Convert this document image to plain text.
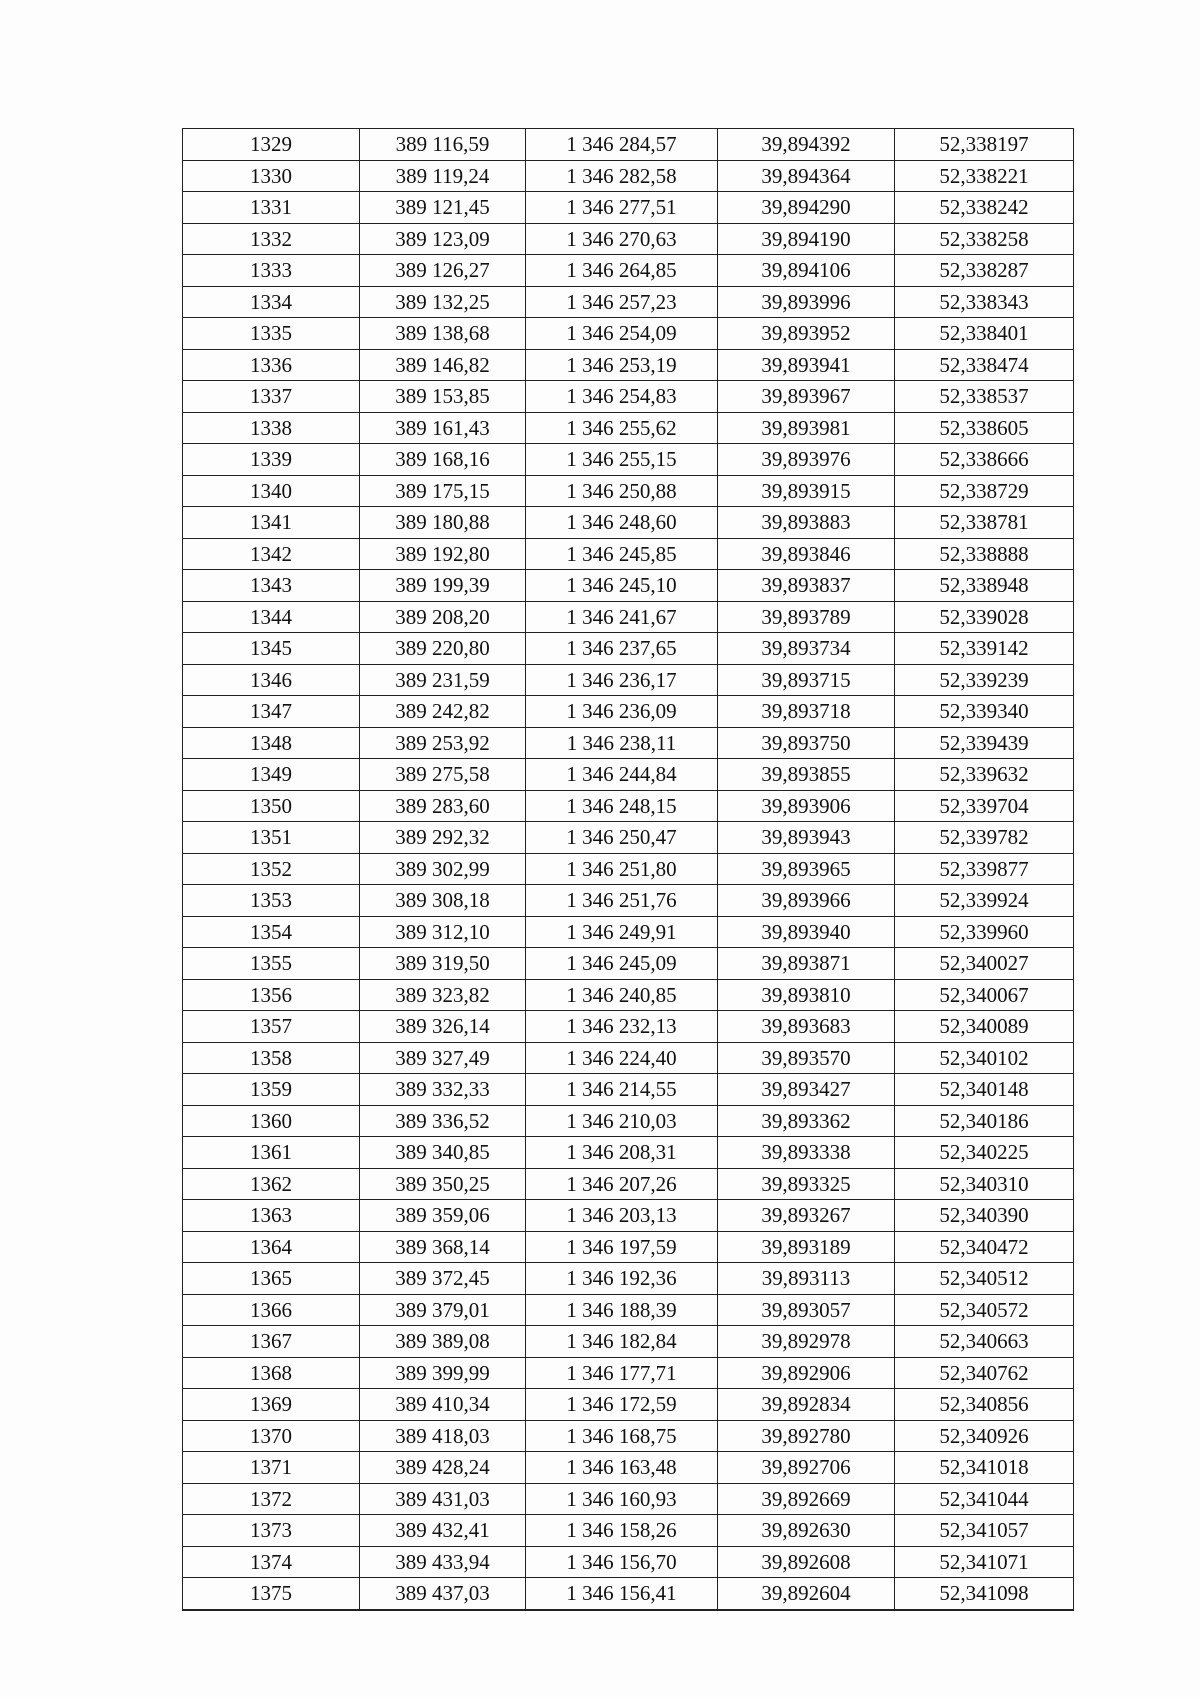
1329	389 116,59	1 346 284,57	39,894392	52,338197
1330	389 119,24	1 346 282,58	39,894364	52,338221
1331	389 121,45	1 346 277,51	39,894290	52,338242
1332	389 123,09	1 346 270,63	39,894190	52,338258
1333	389 126,27	1 346 264,85	39,894106	52,338287
1334	389 132,25	1 346 257,23	39,893996	52,338343
1335	389 138,68	1 346 254,09	39,893952	52,338401
1336	389 146,82	1 346 253,19	39,893941	52,338474
1337	389 153,85	1 346 254,83	39,893967	52,338537
1338	389 161,43	1 346 255,62	39,893981	52,338605
1339	389 168,16	1 346 255,15	39,893976	52,338666
1340	389 175,15	1 346 250,88	39,893915	52,338729
1341	389 180,88	1 346 248,60	39,893883	52,338781
1342	389 192,80	1 346 245,85	39,893846	52,338888
1343	389 199,39	1 346 245,10	39,893837	52,338948
1344	389 208,20	1 346 241,67	39,893789	52,339028
1345	389 220,80	1 346 237,65	39,893734	52,339142
1346	389 231,59	1 346 236,17	39,893715	52,339239
1347	389 242,82	1 346 236,09	39,893718	52,339340
1348	389 253,92	1 346 238,11	39,893750	52,339439
1349	389 275,58	1 346 244,84	39,893855	52,339632
1350	389 283,60	1 346 248,15	39,893906	52,339704
1351	389 292,32	1 346 250,47	39,893943	52,339782
1352	389 302,99	1 346 251,80	39,893965	52,339877
1353	389 308,18	1 346 251,76	39,893966	52,339924
1354	389 312,10	1 346 249,91	39,893940	52,339960
1355	389 319,50	1 346 245,09	39,893871	52,340027
1356	389 323,82	1 346 240,85	39,893810	52,340067
1357	389 326,14	1 346 232,13	39,893683	52,340089
1358	389 327,49	1 346 224,40	39,893570	52,340102
1359	389 332,33	1 346 214,55	39,893427	52,340148
1360	389 336,52	1 346 210,03	39,893362	52,340186
1361	389 340,85	1 346 208,31	39,893338	52,340225
1362	389 350,25	1 346 207,26	39,893325	52,340310
1363	389 359,06	1 346 203,13	39,893267	52,340390
1364	389 368,14	1 346 197,59	39,893189	52,340472
1365	389 372,45	1 346 192,36	39,893113	52,340512
1366	389 379,01	1 346 188,39	39,893057	52,340572
1367	389 389,08	1 346 182,84	39,892978	52,340663
1368	389 399,99	1 346 177,71	39,892906	52,340762
1369	389 410,34	1 346 172,59	39,892834	52,340856
1370	389 418,03	1 346 168,75	39,892780	52,340926
1371	389 428,24	1 346 163,48	39,892706	52,341018
1372	389 431,03	1 346 160,93	39,892669	52,341044
1373	389 432,41	1 346 158,26	39,892630	52,341057
1374	389 433,94	1 346 156,70	39,892608	52,341071
1375	389 437,03	1 346 156,41	39,892604	52,341098
